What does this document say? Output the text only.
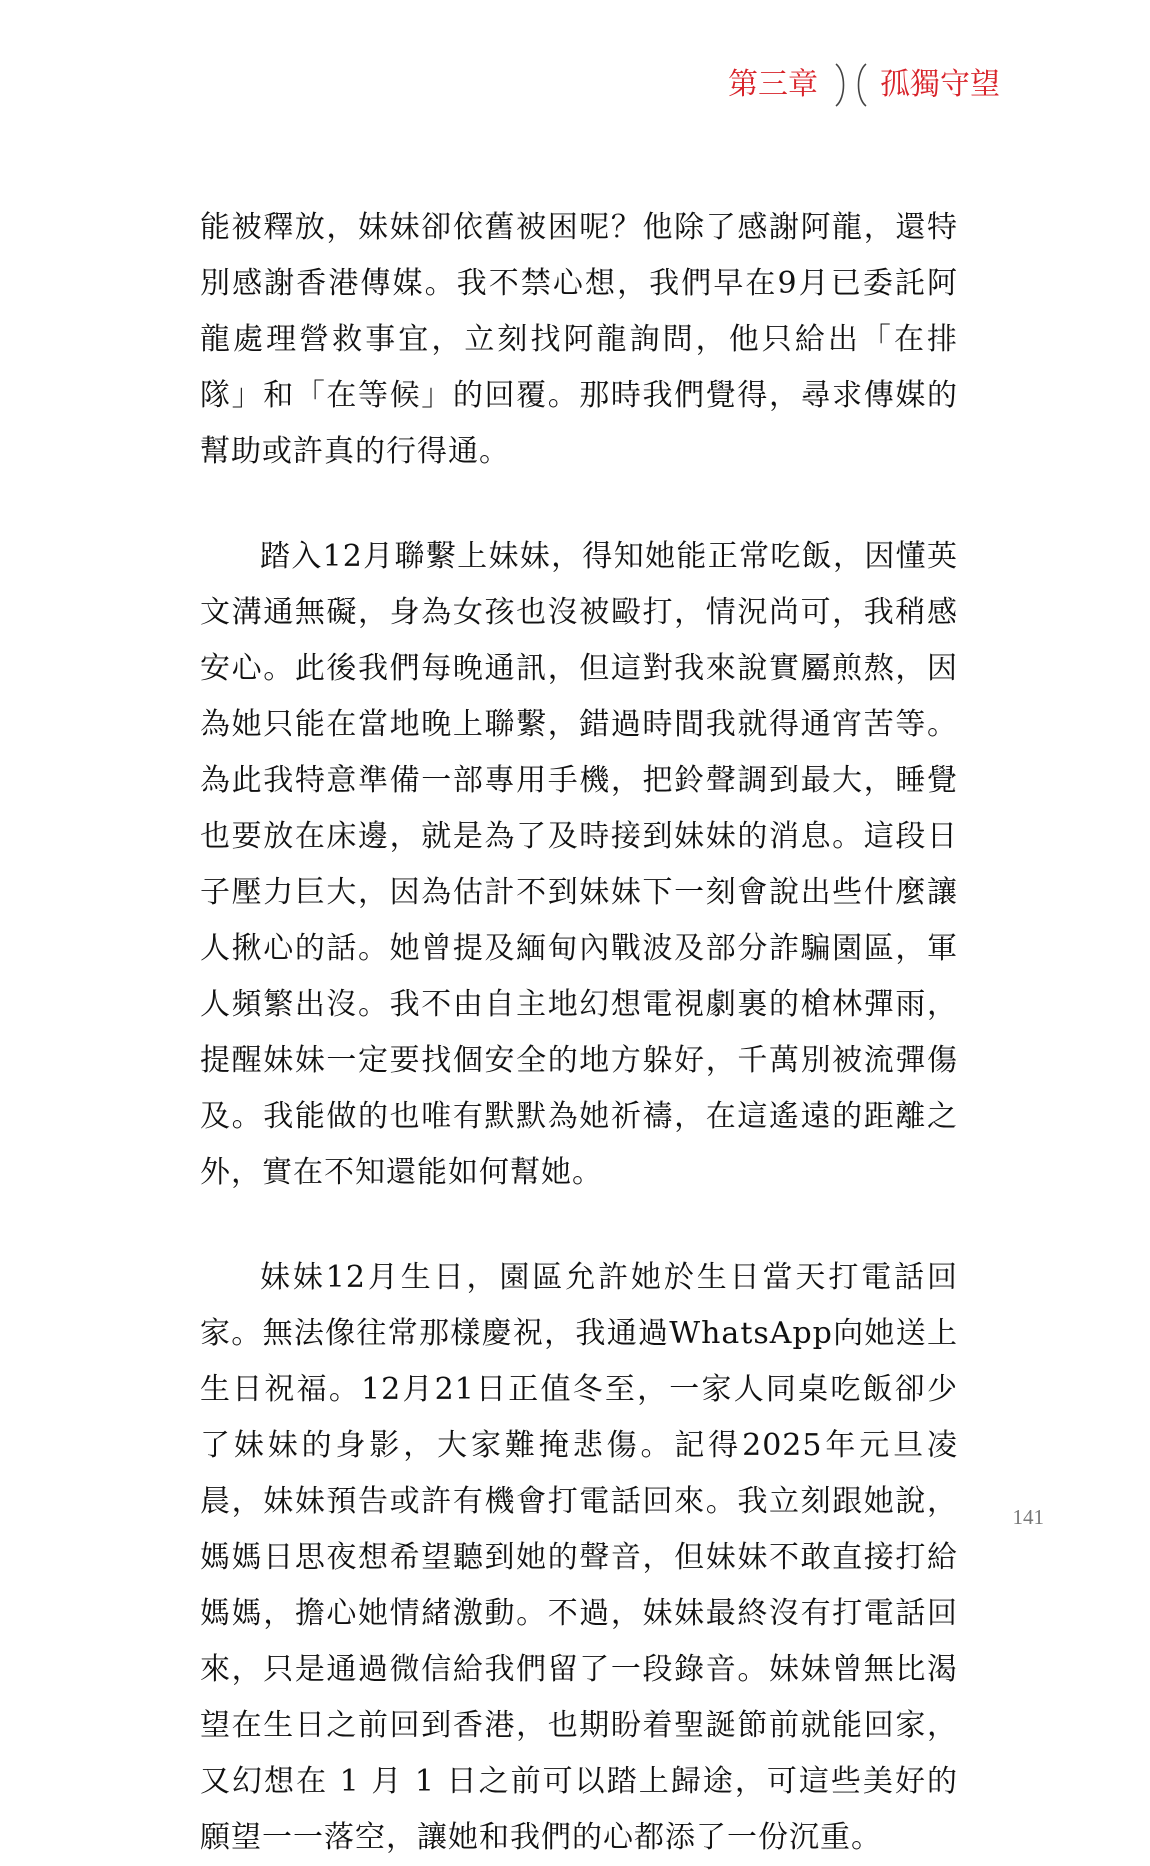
第三章 孤獨守望

能被釋放，妹妹卻依舊被困呢？他除了感謝阿龍，還特別感謝香港傳媒。我不禁心想，我們早在9月已委託阿龍處理營救事宜，立刻找阿龍詢問，他只給出「在排隊」和「在等候」的回覆。那時我們覺得，尋求傳媒的幫助或許真的行得通。

踏入12月聯繫上妹妹，得知她能正常吃飯，因懂英文溝通無礙，身為女孩也沒被毆打，情況尚可，我稍感安心。此後我們每晚通訊，但這對我來說實屬煎熬，因為她只能在當地晚上聯繫，錯過時間我就得通宵苦等。為此我特意準備一部專用手機，把鈴聲調到最大，睡覺也要放在床邊，就是為了及時接到妹妹的消息。這段日子壓力巨大，因為估計不到妹妹下一刻會說出些什麼讓人揪心的話。她曾提及緬甸內戰波及部分詐騙園區，軍人頻繁出沒。我不由自主地幻想電視劇裏的槍林彈雨，提醒妹妹一定要找個安全的地方躲好，千萬別被流彈傷及。我能做的也唯有默默為她祈禱，在這遙遠的距離之外，實在不知還能如何幫她。

妹妹12月生日，園區允許她於生日當天打電話回家。無法像往常那樣慶祝，我通過WhatsApp向她送上生日祝福。12月21日正值冬至，一家人同桌吃飯卻少了妹妹的身影，大家難掩悲傷。記得2025年元旦凌晨，妹妹預告或許有機會打電話回來。我立刻跟她說，媽媽日思夜想希望聽到她的聲音，但妹妹不敢直接打給媽媽，擔心她情緒激動。不過，妹妹最終沒有打電話回來，只是通過微信給我們留了一段錄音。妹妹曾無比渴望在生日之前回到香港，也期盼着聖誕節前就能回家，又幻想在 1 月 1 日之前可以踏上歸途，可這些美好的願望一一落空，讓她和我們的心都添了一份沉重。

141
